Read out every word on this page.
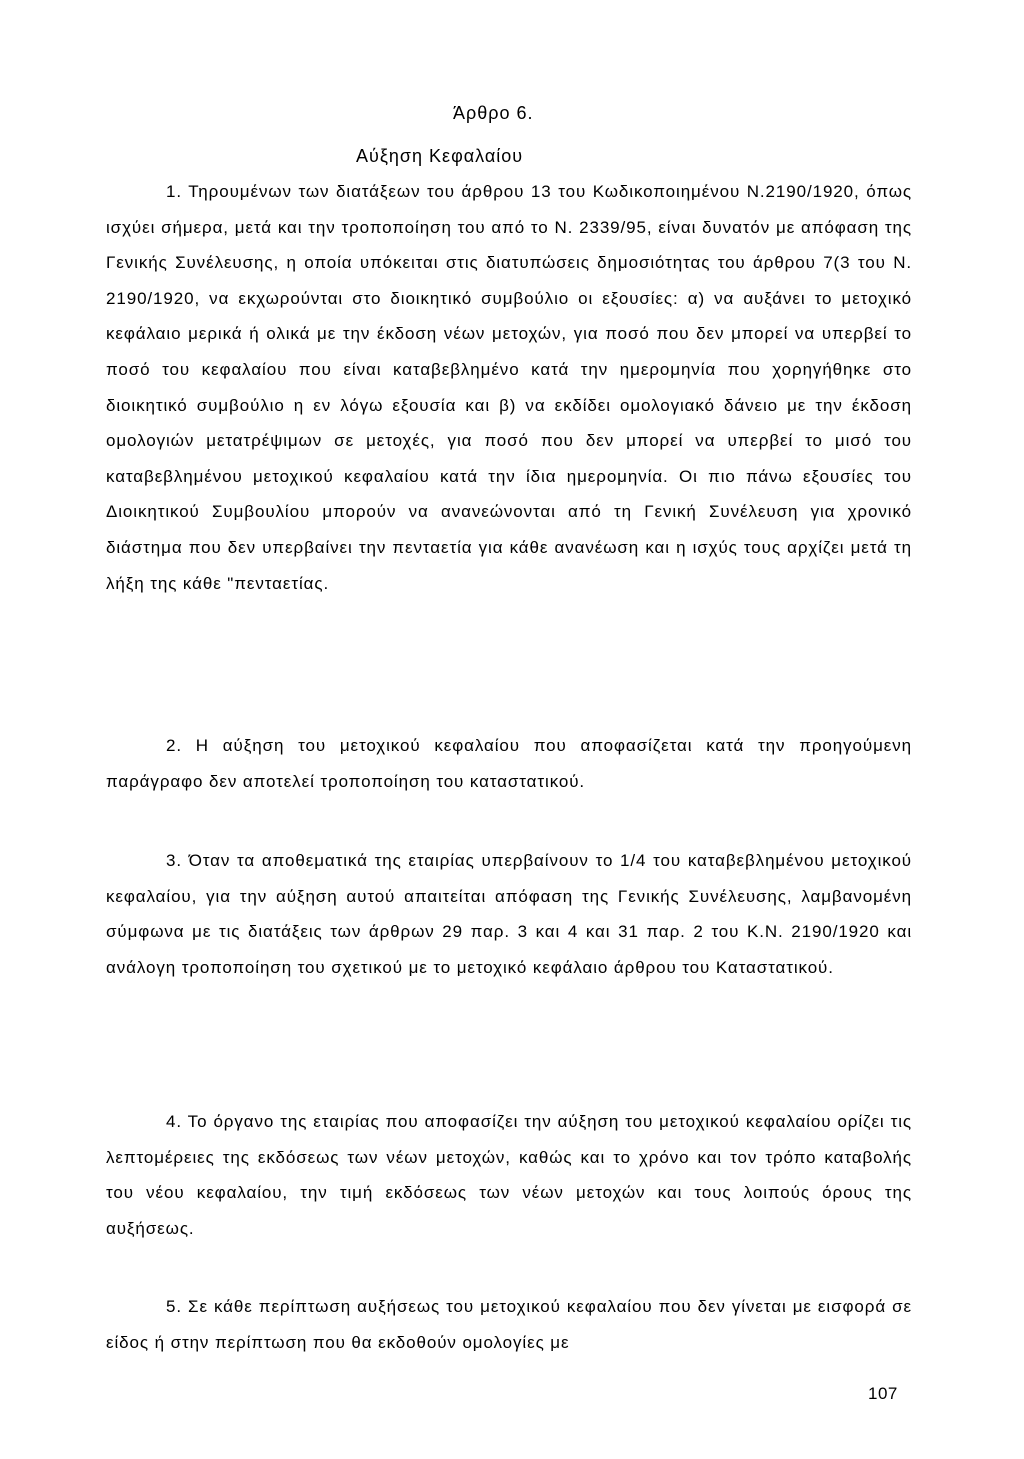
Άρθρο 6.
Αύξηση Κεφαλαίου

1. Τηρουμένων των διατάξεων του άρθρου 13 του Κωδικοποιημένου Ν.2190/1920, όπως ισχύει σήμερα, μετά και την τροποποίηση του από το Ν. 2339/95, είναι δυνατόν με απόφαση της Γενικής Συνέλευσης, η οποία υπόκειται στις διατυπώσεις δημοσιότητας του άρθρου 7(3 του Ν. 2190/1920, να εκχωρούνται στο διοικητικό συμβούλιο οι εξουσίες: α) να αυξάνει το μετοχικό κεφάλαιο μερικά ή ολικά με την έκδοση νέων μετοχών, για ποσό που δεν μπορεί να υπερβεί το ποσό του κεφαλαίου που είναι καταβεβλημένο κατά την ημερομηνία που χορηγήθηκε στο διοικητικό συμβούλιο η εν λόγω εξουσία και β) να εκδίδει ομολογιακό δάνειο με την έκδοση ομολογιών μετατρέψιμων σε μετοχές, για ποσό που δεν μπορεί να υπερβεί το μισό του καταβεβλημένου μετοχικού κεφαλαίου κατά την ίδια ημερομηνία. Οι πιο πάνω εξουσίες του Διοικητικού Συμβουλίου μπορούν να ανανεώνονται από τη Γενική Συνέλευση για χρονικό διάστημα που δεν υπερβαίνει την πενταετία για κάθε ανανέωση και η ισχύς τους αρχίζει μετά τη λήξη της κάθε "πενταετίας.

2. Η αύξηση του μετοχικού κεφαλαίου που αποφασίζεται κατά την προηγούμενη παράγραφο δεν αποτελεί τροποποίηση του καταστατικού.

3. Όταν τα αποθεματικά της εταιρίας υπερβαίνουν το 1/4 του καταβεβλημένου μετοχικού κεφαλαίου, για την αύξηση αυτού απαιτείται απόφαση της Γενικής Συνέλευσης, λαμβανομένη σύμφωνα με τις διατάξεις των άρθρων 29 παρ. 3 και 4 και 31 παρ. 2 του Κ.Ν. 2190/1920 και ανάλογη τροποποίηση του σχετικού με το μετοχικό κεφάλαιο άρθρου του Καταστατικού.

4. Το όργανο της εταιρίας που αποφασίζει την αύξηση του μετοχικού κεφαλαίου ορίζει τις λεπτομέρειες της εκδόσεως των νέων μετοχών, καθώς και το χρόνο και τον τρόπο καταβολής του νέου κεφαλαίου, την τιμή εκδόσεως των νέων μετοχών και τους λοιπούς όρους της αυξήσεως.

5. Σε κάθε περίπτωση αυξήσεως του μετοχικού κεφαλαίου που δεν γίνεται με εισφορά σε είδος ή στην περίπτωση που θα εκδοθούν ομολογίες με

107
